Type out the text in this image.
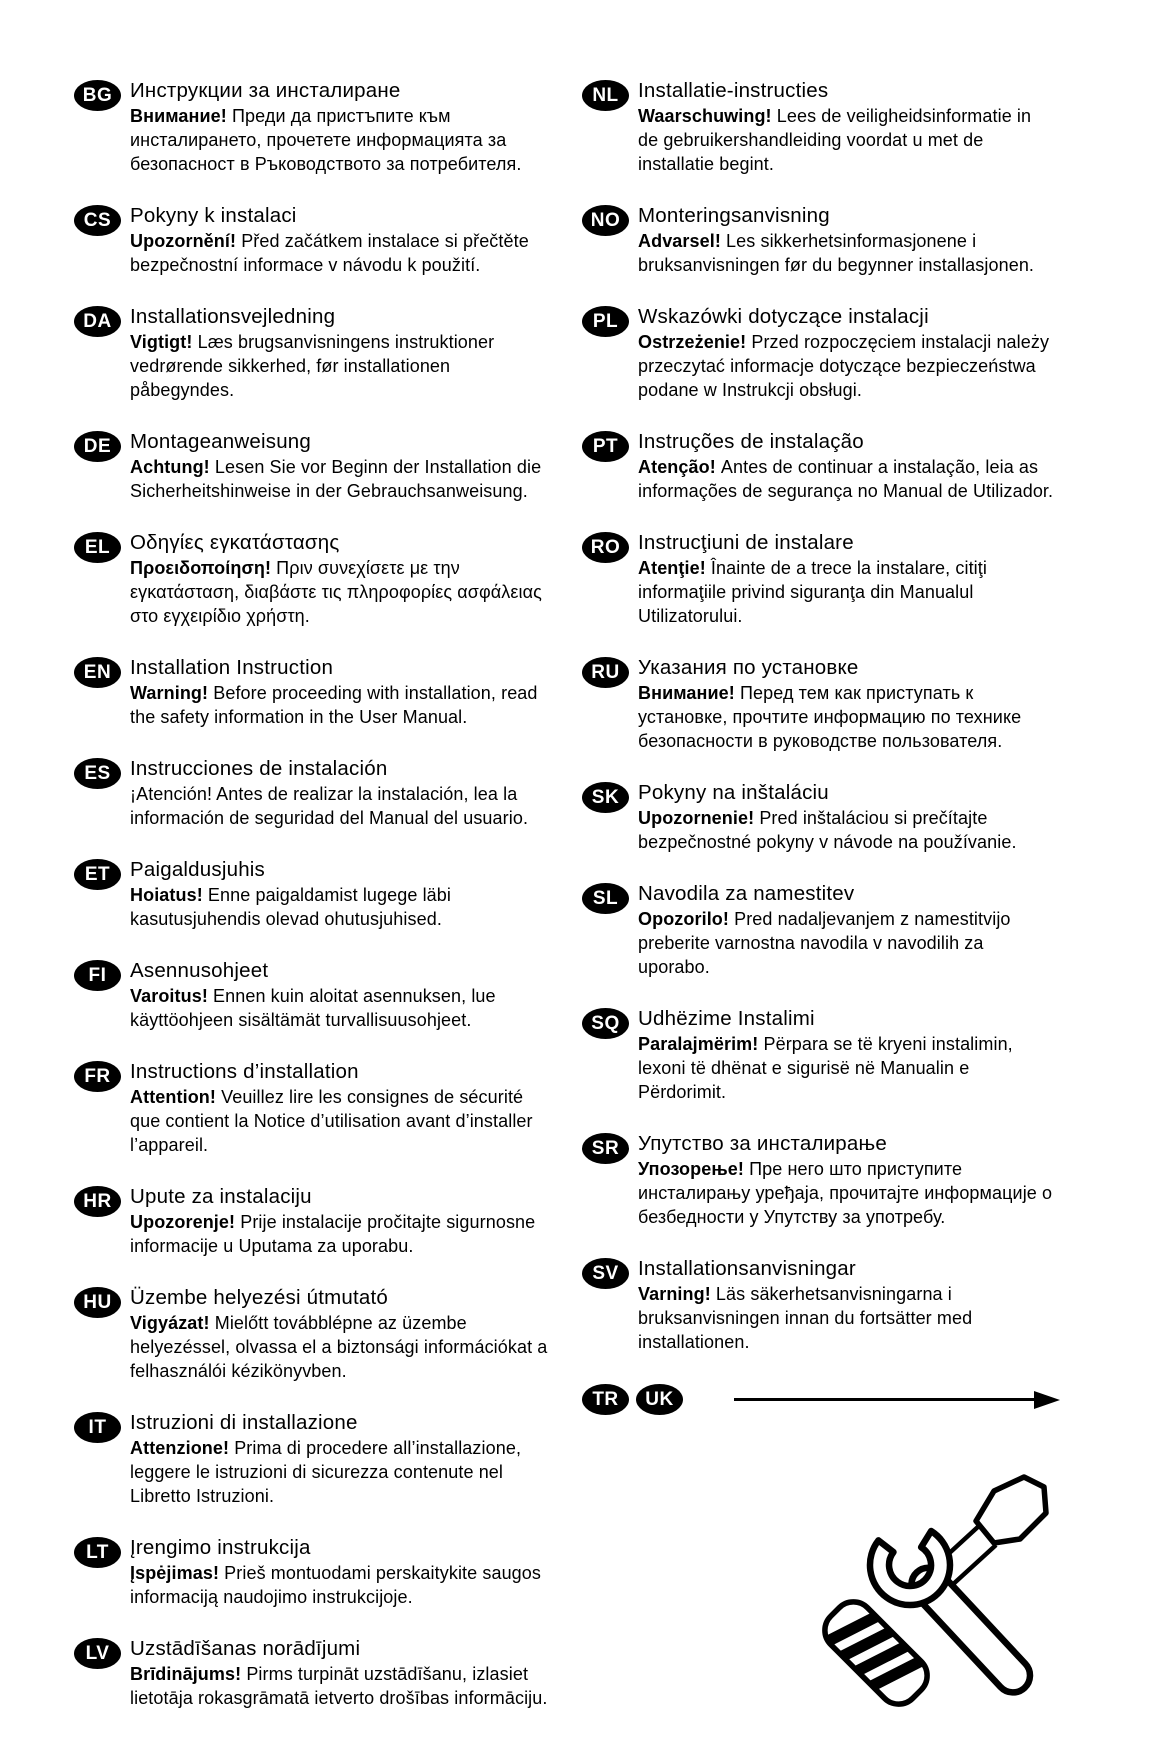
BG Инструкции за инсталиране
Внимание! Преди да пристъпите към инсталирането, прочетете информацията за безопасност в Ръководството за потребителя.
CS Pokyny k instalaci
Upozornění! Před začátkem instalace si přečtěte bezpečnostní informace v návodu k použití.
DA Installationsvejledning
Vigtigt! Læs brugsanvisningens instruktioner vedrørende sikkerhed, før installationen påbegyndes.
DE Montageanweisung
Achtung! Lesen Sie vor Beginn der Installation die Sicherheitshinweise in der Gebrauchsanweisung.
EL Οδηγίες εγκατάστασης
Προειδοποίηση! Πριν συνεχίσετε με την εγκατάσταση, διαβάστε τις πληροφορίες ασφάλειας στο εγχειρίδιο χρήστη.
EN Installation Instruction
Warning! Before proceeding with installation, read the safety information in the User Manual.
ES Instrucciones de instalación
¡Atención! Antes de realizar la instalación, lea la información de seguridad del Manual del usuario.
ET Paigaldusjuhis
Hoiatus! Enne paigaldamist lugege läbi kasutusjuhendis olevad ohutusjuhised.
FI	Asennusohjeet
Varoitus! Ennen kuin aloitat asennuksen, lue käyttöohjeen sisältämät turvallisuusohjeet.
FR Instructions d’installation
Attention! Veuillez lire les consignes de sécurité que contient la Notice d’utilisation avant d’installer l’appareil.
HR Upute za instalaciju
Upozorenje! Prije instalacije pročitajte sigurnosne informacije u Uputama za uporabu.
HU Üzembe helyezési útmutató
Vigyázat! Mielőtt továbblépne az üzembe helyezéssel, olvassa el a biztonsági információkat a felhasználói kézikönyvben.
IT	Istruzioni di installazione
Attenzione! Prima di procedere all’installazione, leggere le istruzioni di sicurezza contenute nel Libretto Istruzioni.
LT	Įrengimo instrukcija
Įspėjimas! Prieš montuodami perskaitykite saugos informaciją naudojimo instrukcijoje.
LV	Uzstādīšanas norādījumi
Brīdinājums! Pirms turpināt uzstādīšanu, izlasiet lietotāja rokasgrāmatā ietverto drošības informāciju.
NL Installatie-instructies
Waarschuwing! Lees de veiligheidsinformatie in de gebruikershandleiding voordat u met de installatie begint.
NO Monteringsanvisning
Advarsel! Les sikkerhetsinformasjonene i bruksanvisningen før du begynner installasjonen.
PL Wskazówki dotyczące instalacji
Ostrzeżenie! Przed rozpoczęciem instalacji należy przeczytać informacje dotyczące bezpieczeństwa podane w Instrukcji obsługi.
PT Instruções de instalação
Atenção! Antes de continuar a instalação, leia as informações de segurança no Manual de Utilizador.
RO Instrucţiuni de instalare
Atenţie! Înainte de a trece la instalare, citiţi informaţiile privind siguranţa din Manualul Utilizatorului.
RU Указания по установке
Внимание! Перед тем как приступать к установке, прочтите информацию по технике безопасности в руководстве пользователя.
SK Pokyny na inštaláciu
Upozornenie! Pred inštaláciou si prečítajte bezpečnostné pokyny v návode na používanie.
SL Navodila za namestitev
Opozorilo! Pred nadaljevanjem z namestitvijo preberite varnostna navodila v navodilih za uporabo.
SQ Udhëzime Instalimi
Paralajmërim! Përpara se të kryeni instalimin, lexoni të dhënat e sigurisë në Manualin e Përdorimit.
SR Упутство за инсталирање
Упозорење! Пре него што приступите инсталирању уређаја, прочитајте информације о безбедности у Упутству за употребу.
SV Installationsanvisningar
Varning! Läs säkerhetsanvisningarna i bruksanvisningen innan du fortsätter med installationen.
TR	UK
